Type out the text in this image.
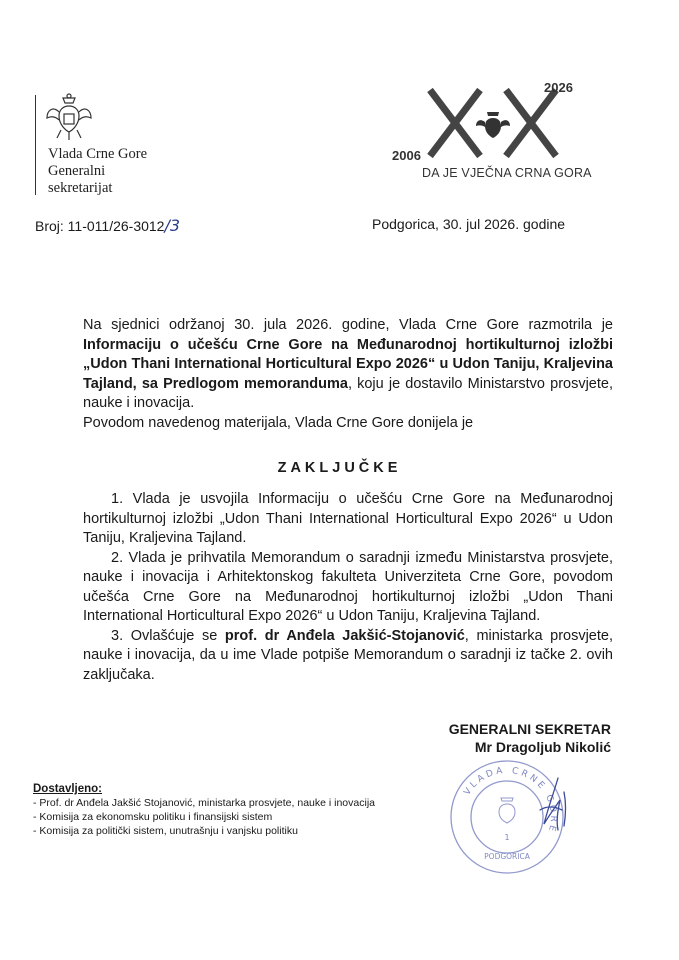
Vlada Crne Gore
Generalni
sekretarijat
2026
2006
DA JE VJEČNA CRNA GORA
Broj: 11-011/26-3012/3	Podgorica, 30. jul 2026. godine

Na sjednici održanoj 30. jula 2026. godine, Vlada Crne Gore razmotrila je Informaciju o učešću Crne Gore na Međunarodnoj hortikulturnoj izložbi „Udon Thani International Horticultural Expo 2026“ u Udon Taniju, Kraljevina Tajland, sa Predlogom memoranduma, koju je dostavilo Ministarstvo prosvjete, nauke i inovacija.

Povodom navedenog materijala, Vlada Crne Gore donijela je

ZAKLJUČKE

1. Vlada je usvojila Informaciju o učešću Crne Gore na Međunarodnoj hortikulturnoj izložbi „Udon Thani International Horticultural Expo 2026“ u Udon Taniju, Kraljevina Tajland.

2. Vlada je prihvatila Memorandum o saradnji između Ministarstva prosvjete, nauke i inovacija i Arhitektonskog fakulteta Univerziteta Crne Gore, povodom učešća Crne Gore na Međunarodnoj hortikulturnoj izložbi „Udon Thani International Horticultural Expo 2026“ u Udon Taniju, Kraljevina Tajland.

3. Ovlašćuje se prof. dr Anđela Jakšić-Stojanović, ministarka prosvjete, nauke i inovacija, da u ime Vlade potpiše Memorandum o saradnji iz tačke 2. ovih zaključaka.

GENERALNI SEKRETAR
Mr Dragoljub Nikolić
VLADA CRNE GORE
1
PODGORICA
Dostavljeno:
- Prof. dr Anđela Jakšić Stojanović, ministarka prosvjete, nauke i inovacija
- Komisija za ekonomsku politiku i finansijski sistem
- Komisija za politički sistem, unutrašnju i vanjsku politiku
